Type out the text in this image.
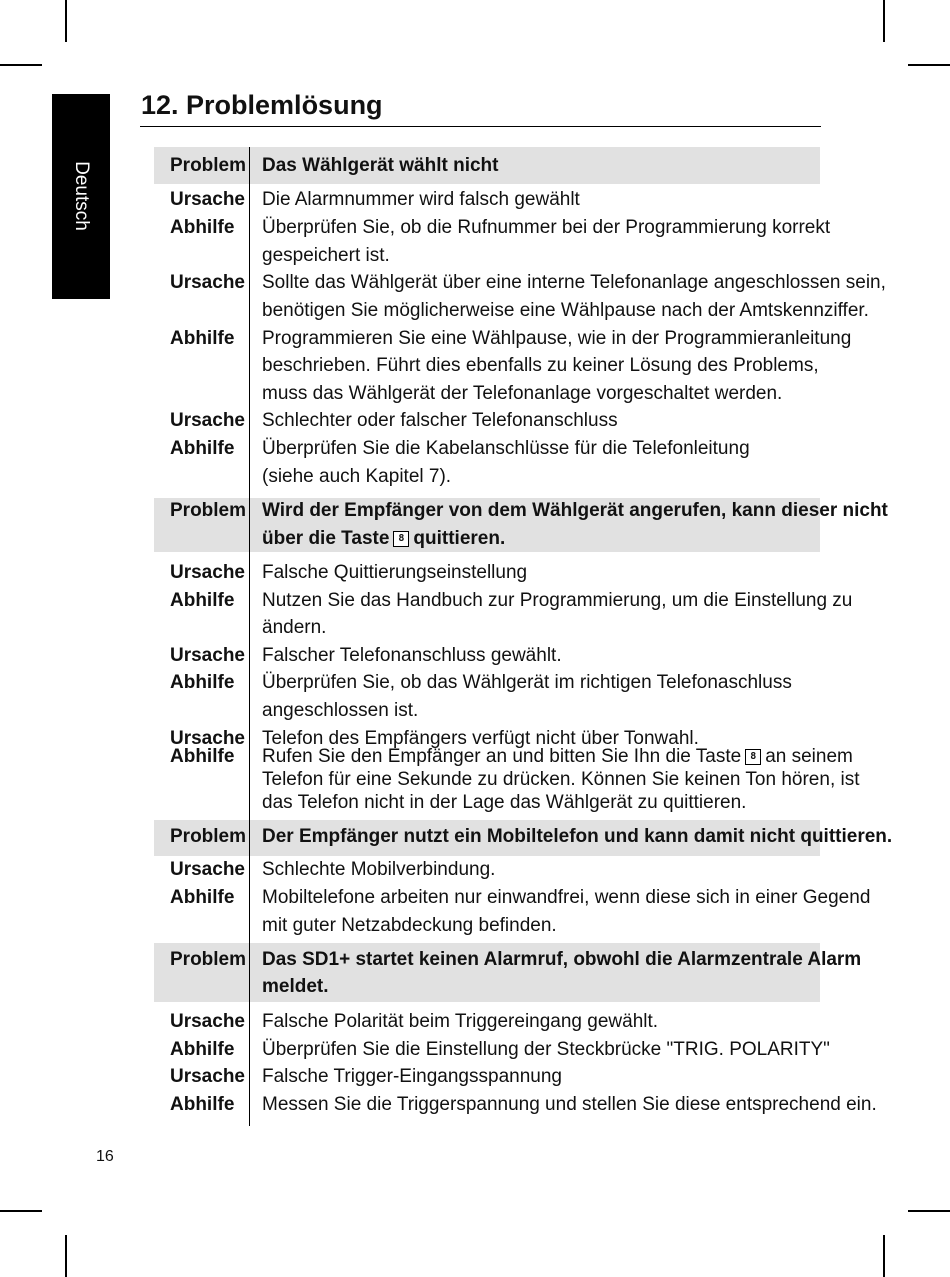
Deutsch
12. Problemlösung
Problem Das Wählgerät wählt nicht
Ursache Die Alarmnummer wird falsch gewählt
Abhilfe Überprüfen Sie, ob die Rufnummer bei der Programmierung korrekt
gespeichert ist.
Ursache Sollte das Wählgerät über eine interne Telefonanlage angeschlossen sein,
benötigen Sie möglicherweise eine Wählpause nach der Amtskennziffer.
Abhilfe Programmieren Sie eine Wählpause, wie in der Programmieranleitung
beschrieben. Führt dies ebenfalls zu keiner Lösung des Problems,
muss das Wählgerät der Telefonanlage vorgeschaltet werden.
Ursache Schlechter oder falscher Telefonanschluss
Abhilfe Überprüfen Sie die Kabelanschlüsse für die Telefonleitung
(siehe auch Kapitel 7).
Problem Wird der Empfänger von dem Wählgerät angerufen, kann dieser nicht
über die Taste 8 quittieren.
Ursache Falsche Quittierungseinstellung
Abhilfe Nutzen Sie das Handbuch zur Programmierung, um die Einstellung zu
ändern.
Ursache Falscher Telefonanschluss gewählt.
Abhilfe Überprüfen Sie, ob das Wählgerät im richtigen Telefonaschluss
angeschlossen ist.
Ursache Telefon des Empfängers verfügt nicht über Tonwahl.
Abhilfe Rufen Sie den Empfänger an und bitten Sie Ihn die Taste 8 an seinem
Telefon für eine Sekunde zu drücken. Können Sie keinen Ton hören, ist
das Telefon nicht in der Lage das Wählgerät zu quittieren.
Problem Der Empfänger nutzt ein Mobiltelefon und kann damit nicht quittieren.
Ursache Schlechte Mobilverbindung.
Abhilfe Mobiltelefone arbeiten nur einwandfrei, wenn diese sich in einer Gegend
mit guter Netzabdeckung befinden.
Problem Das SD1+ startet keinen Alarmruf, obwohl die Alarmzentrale Alarm
meldet.
Ursache Falsche Polarität beim Triggereingang gewählt.
Abhilfe Überprüfen Sie die Einstellung der Steckbrücke "TRIG. POLARITY"
Ursache Falsche Trigger-Eingangsspannung
Abhilfe Messen Sie die Triggerspannung und stellen Sie diese entsprechend ein.
16
